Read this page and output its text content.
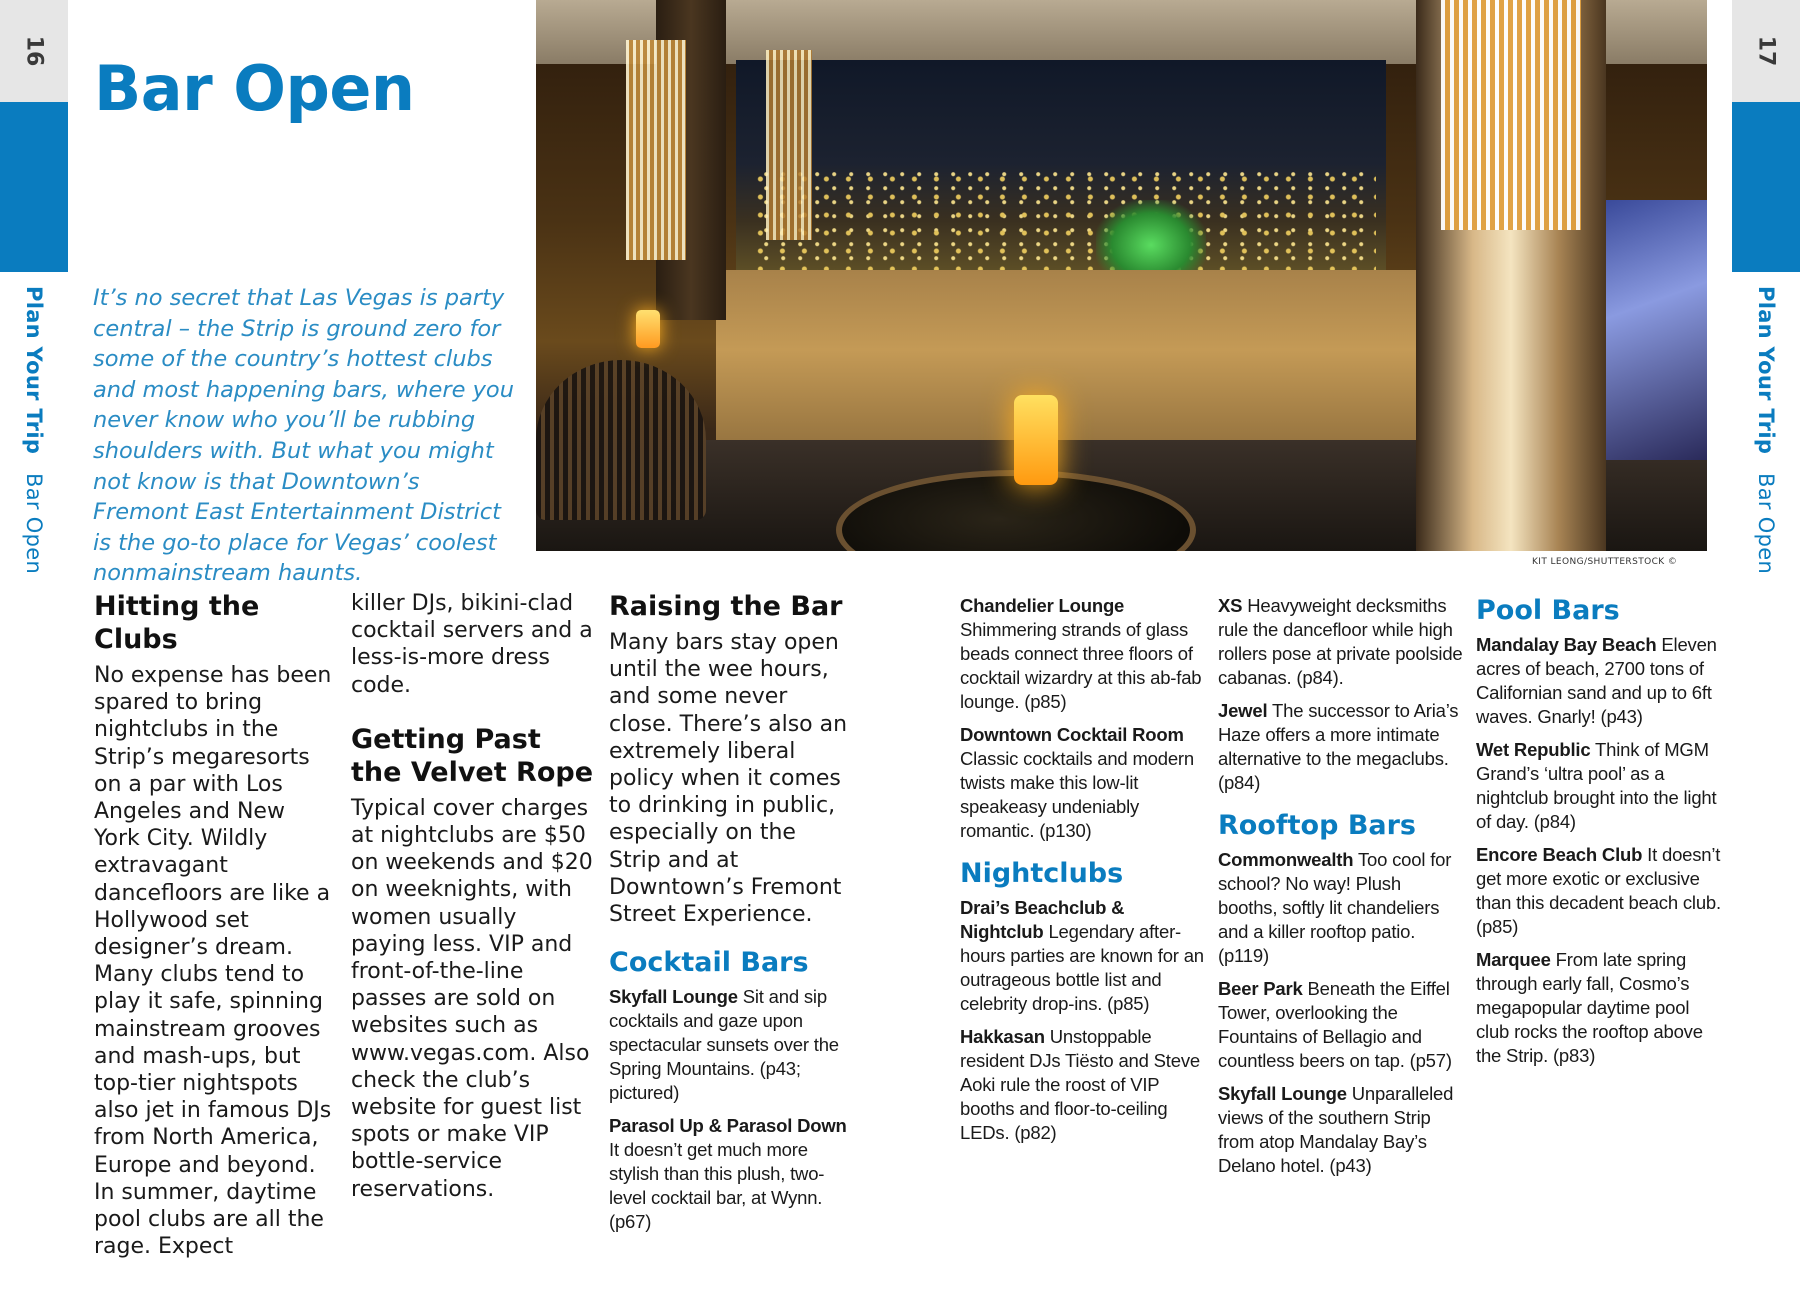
16
Plan Your Trip Bar Open
17
Plan Your Trip Bar Open
Bar Open

It’s no secret that Las Vegas is party central – the Strip is ground zero for some of the country’s hottest clubs and most happening bars, where you never know who you’ll be rubbing shoulders with. But what you might not know is that Downtown’s Fremont East Entertainment District is the go-to place for Vegas’ coolest nonmainstream haunts.	KIT LEONG/SHUTTERSTOCK ©
Hitting the Clubs

No expense has been spared to bring nightclubs in the Strip’s megaresorts on a par with Los Angeles and New York City. Wildly extravagant dancefloors are like a Hollywood set designer’s dream. Many clubs tend to play it safe, spinning mainstream grooves and mash-ups, but top-tier nightspots also jet in famous DJs from North America, Europe and beyond. In summer, daytime pool clubs are all the rage. Expect

killer DJs, bikini-clad cocktail servers and a less-is-more dress code.

Getting Past the Velvet Rope

Typical cover charges at nightclubs are $50 on weekends and $20 on weeknights, with women usually paying less. VIP and front-of-the-line passes are sold on websites such as www.vegas.com. Also check the club’s website for guest list spots or make VIP bottle-service reservations.

Raising the Bar

Many bars stay open until the wee hours, and some never close. There’s also an extremely liberal policy when it comes to drinking in public, especially on the Strip and at Downtown’s Fremont Street Experience.

Cocktail Bars

Skyfall Lounge Sit and sip cocktails and gaze upon spectacular sunsets over the Spring Mountains. (p43; pictured)

Parasol Up & Parasol Down It doesn’t get much more stylish than this plush, two-level cocktail bar, at Wynn. (p67)

Chandelier Lounge Shimmering strands of glass beads connect three floors of cocktail wizardry at this ab-fab lounge. (p85)

Downtown Cocktail Room Classic cocktails and modern twists make this low-lit speakeasy undeniably romantic. (p130)

Nightclubs

Drai’s Beachclub & Nightclub Legendary after-hours parties are known for an outrageous bottle list and celebrity drop-ins. (p85)

Hakkasan Unstoppable resident DJs Tiësto and Steve Aoki rule the roost of VIP booths and floor-to-ceiling LEDs. (p82)

XS Heavyweight decksmiths rule the dancefloor while high rollers pose at private poolside cabanas. (p84).

Jewel The successor to Aria’s Haze offers a more intimate alternative to the megaclubs. (p84)

Rooftop Bars

Commonwealth Too cool for school? No way! Plush booths, softly lit chandeliers and a killer rooftop patio. (p119)

Beer Park Beneath the Eiffel Tower, overlooking the Fountains of Bellagio and countless beers on tap. (p57)

Skyfall Lounge Unparalleled views of the southern Strip from atop Mandalay Bay’s Delano hotel. (p43)

Pool Bars

Mandalay Bay Beach Eleven acres of beach, 2700 tons of Californian sand and up to 6ft waves. Gnarly! (p43)

Wet Republic Think of MGM Grand’s ‘ultra pool’ as a nightclub brought into the light of day. (p84)

Encore Beach Club It doesn’t get more exotic or exclusive than this decadent beach club. (p85)

Marquee From late spring through early fall, Cosmo’s megapopular daytime pool club rocks the rooftop above the Strip. (p83)
